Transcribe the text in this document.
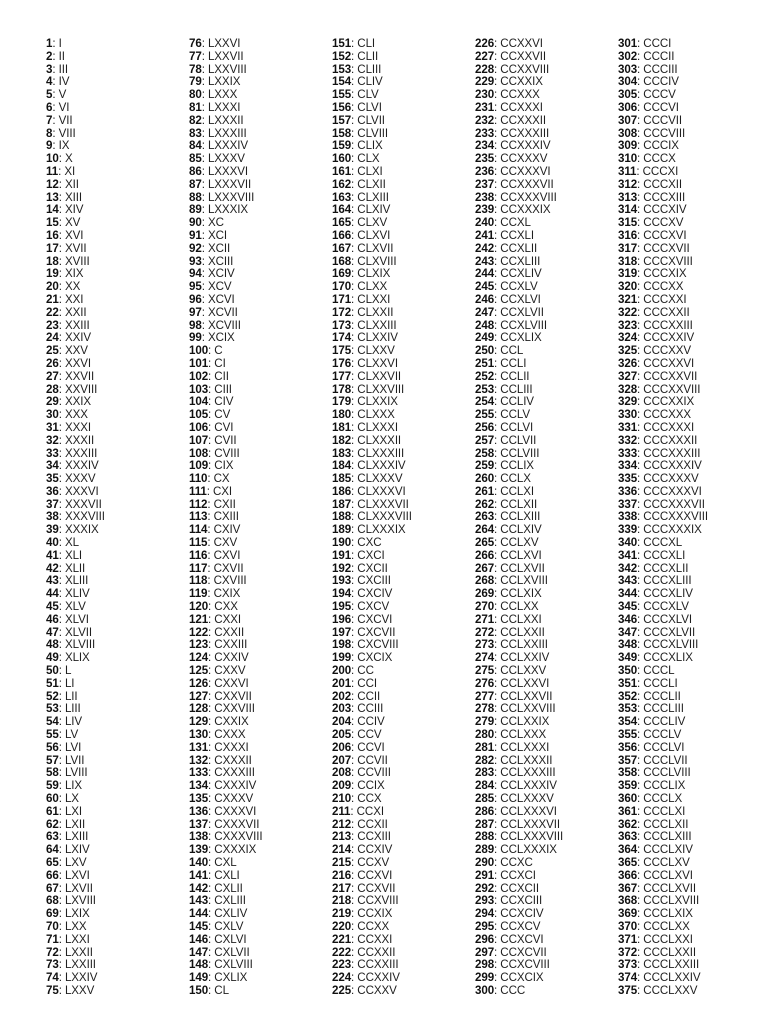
1: I
2: II
3: III
4: IV
5: V
6: VI
7: VII
8: VIII
9: IX
10: X
11: XI
12: XII
13: XIII
14: XIV
15: XV
16: XVI
17: XVII
18: XVIII
19: XIX
20: XX
21: XXI
22: XXII
23: XXIII
24: XXIV
25: XXV
26: XXVI
27: XXVII
28: XXVIII
29: XXIX
30: XXX
31: XXXI
32: XXXII
33: XXXIII
34: XXXIV
35: XXXV
36: XXXVI
37: XXXVII
38: XXXVIII
39: XXXIX
40: XL
41: XLI
42: XLII
43: XLIII
44: XLIV
45: XLV
46: XLVI
47: XLVII
48: XLVIII
49: XLIX
50: L
51: LI
52: LII
53: LIII
54: LIV
55: LV
56: LVI
57: LVII
58: LVIII
59: LIX
60: LX
61: LXI
62: LXII
63: LXIII
64: LXIV
65: LXV
66: LXVI
67: LXVII
68: LXVIII
69: LXIX
70: LXX
71: LXXI
72: LXXII
73: LXXIII
74: LXXIV
75: LXXV
76: LXXVI
77: LXXVII
78: LXXVIII
79: LXXIX
80: LXXX
81: LXXXI
82: LXXXII
83: LXXXIII
84: LXXXIV
85: LXXXV
86: LXXXVI
87: LXXXVII
88: LXXXVIII
89: LXXXIX
90: XC
91: XCI
92: XCII
93: XCIII
94: XCIV
95: XCV
96: XCVI
97: XCVII
98: XCVIII
99: XCIX
100: C
101: CI
102: CII
103: CIII
104: CIV
105: CV
106: CVI
107: CVII
108: CVIII
109: CIX
110: CX
111: CXI
112: CXII
113: CXIII
114: CXIV
115: CXV
116: CXVI
117: CXVII
118: CXVIII
119: CXIX
120: CXX
121: CXXI
122: CXXII
123: CXXIII
124: CXXIV
125: CXXV
126: CXXVI
127: CXXVII
128: CXXVIII
129: CXXIX
130: CXXX
131: CXXXI
132: CXXXII
133: CXXXIII
134: CXXXIV
135: CXXXV
136: CXXXVI
137: CXXXVII
138: CXXXVIII
139: CXXXIX
140: CXL
141: CXLI
142: CXLII
143: CXLIII
144: CXLIV
145: CXLV
146: CXLVI
147: CXLVII
148: CXLVIII
149: CXLIX
150: CL
151: CLI
152: CLII
153: CLIII
154: CLIV
155: CLV
156: CLVI
157: CLVII
158: CLVIII
159: CLIX
160: CLX
161: CLXI
162: CLXII
163: CLXIII
164: CLXIV
165: CLXV
166: CLXVI
167: CLXVII
168: CLXVIII
169: CLXIX
170: CLXX
171: CLXXI
172: CLXXII
173: CLXXIII
174: CLXXIV
175: CLXXV
176: CLXXVI
177: CLXXVII
178: CLXXVIII
179: CLXXIX
180: CLXXX
181: CLXXXI
182: CLXXXII
183: CLXXXIII
184: CLXXXIV
185: CLXXXV
186: CLXXXVI
187: CLXXXVII
188: CLXXXVIII
189: CLXXXIX
190: CXC
191: CXCI
192: CXCII
193: CXCIII
194: CXCIV
195: CXCV
196: CXCVI
197: CXCVII
198: CXCVIII
199: CXCIX
200: CC
201: CCI
202: CCII
203: CCIII
204: CCIV
205: CCV
206: CCVI
207: CCVII
208: CCVIII
209: CCIX
210: CCX
211: CCXI
212: CCXII
213: CCXIII
214: CCXIV
215: CCXV
216: CCXVI
217: CCXVII
218: CCXVIII
219: CCXIX
220: CCXX
221: CCXXI
222: CCXXII
223: CCXXIII
224: CCXXIV
225: CCXXV
226: CCXXVI
227: CCXXVII
228: CCXXVIII
229: CCXXIX
230: CCXXX
231: CCXXXI
232: CCXXXII
233: CCXXXIII
234: CCXXXIV
235: CCXXXV
236: CCXXXVI
237: CCXXXVII
238: CCXXXVIII
239: CCXXXIX
240: CCXL
241: CCXLI
242: CCXLII
243: CCXLIII
244: CCXLIV
245: CCXLV
246: CCXLVI
247: CCXLVII
248: CCXLVIII
249: CCXLIX
250: CCL
251: CCLI
252: CCLII
253: CCLIII
254: CCLIV
255: CCLV
256: CCLVI
257: CCLVII
258: CCLVIII
259: CCLIX
260: CCLX
261: CCLXI
262: CCLXII
263: CCLXIII
264: CCLXIV
265: CCLXV
266: CCLXVI
267: CCLXVII
268: CCLXVIII
269: CCLXIX
270: CCLXX
271: CCLXXI
272: CCLXXII
273: CCLXXIII
274: CCLXXIV
275: CCLXXV
276: CCLXXVI
277: CCLXXVII
278: CCLXXVIII
279: CCLXXIX
280: CCLXXX
281: CCLXXXI
282: CCLXXXII
283: CCLXXXIII
284: CCLXXXIV
285: CCLXXXV
286: CCLXXXVI
287: CCLXXXVII
288: CCLXXXVIII
289: CCLXXXIX
290: CCXC
291: CCXCI
292: CCXCII
293: CCXCIII
294: CCXCIV
295: CCXCV
296: CCXCVI
297: CCXCVII
298: CCXCVIII
299: CCXCIX
300: CCC
301: CCCI
302: CCCII
303: CCCIII
304: CCCIV
305: CCCV
306: CCCVI
307: CCCVII
308: CCCVIII
309: CCCIX
310: CCCX
311: CCCXI
312: CCCXII
313: CCCXIII
314: CCCXIV
315: CCCXV
316: CCCXVI
317: CCCXVII
318: CCCXVIII
319: CCCXIX
320: CCCXX
321: CCCXXI
322: CCCXXII
323: CCCXXIII
324: CCCXXIV
325: CCCXXV
326: CCCXXVI
327: CCCXXVII
328: CCCXXVIII
329: CCCXXIX
330: CCCXXX
331: CCCXXXI
332: CCCXXXII
333: CCCXXXIII
334: CCCXXXIV
335: CCCXXXV
336: CCCXXXVI
337: CCCXXXVII
338: CCCXXXVIII
339: CCCXXXIX
340: CCCXL
341: CCCXLI
342: CCCXLII
343: CCCXLIII
344: CCCXLIV
345: CCCXLV
346: CCCXLVI
347: CCCXLVII
348: CCCXLVIII
349: CCCXLIX
350: CCCL
351: CCCLI
352: CCCLII
353: CCCLIII
354: CCCLIV
355: CCCLV
356: CCCLVI
357: CCCLVII
358: CCCLVIII
359: CCCLIX
360: CCCLX
361: CCCLXI
362: CCCLXII
363: CCCLXIII
364: CCCLXIV
365: CCCLXV
366: CCCLXVI
367: CCCLXVII
368: CCCLXVIII
369: CCCLXIX
370: CCCLXX
371: CCCLXXI
372: CCCLXXII
373: CCCLXXIII
374: CCCLXXIV
375: CCCLXXV
